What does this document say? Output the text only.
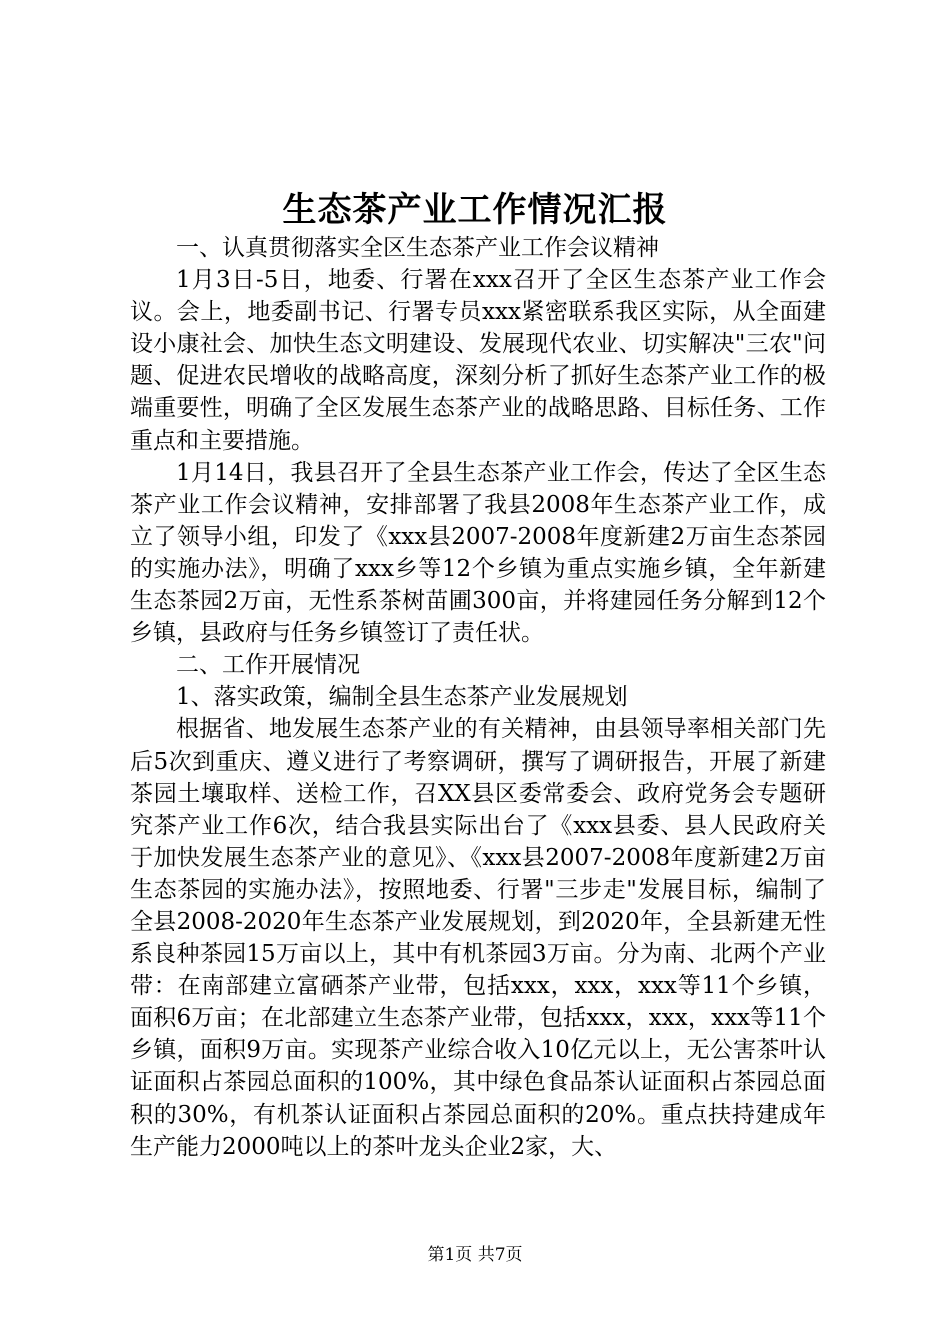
生态茶产业工作情况汇报

一、认真贯彻落实全区生态茶产业工作会议精神

1月3日-5日，地委、行署在xxx召开了全区生态茶产业工作会议。会上，地委副书记、行署专员xxx紧密联系我区实际，从全面建设小康社会、加快生态文明建设、发展现代农业、切实解决"三农"问题、促进农民增收的战略高度，深刻分析了抓好生态茶产业工作的极端重要性，明确了全区发展生态茶产业的战略思路、目标任务、工作重点和主要措施。

1月14日，我县召开了全县生态茶产业工作会，传达了全区生态茶产业工作会议精神，安排部署了我县2008年生态茶产业工作，成立了领导小组，印发了《xxx县2007-2008年度新建2万亩生态茶园的实施办法》，明确了xxx乡等12个乡镇为重点实施乡镇，全年新建生态茶园2万亩，无性系茶树苗圃300亩，并将建园任务分解到12个乡镇，县政府与任务乡镇签订了责任状。

二、工作开展情况

1、落实政策，编制全县生态茶产业发展规划

根据省、地发展生态茶产业的有关精神，由县领导率相关部门先后5次到重庆、遵义进行了考察调研，撰写了调研报告，开展了新建茶园土壤取样、送检工作，召XX县区委常委会、政府党务会专题研究茶产业工作6次，结合我县实际出台了《xxx县委、县人民政府关于加快发展生态茶产业的意见》、《xxx县2007-2008年度新建2万亩生态茶园的实施办法》，按照地委、行署"三步走"发展目标，编制了全县2008-2020年生态茶产业发展规划，到2020年，全县新建无性系良种茶园15万亩以上，其中有机茶园3万亩。分为南、北两个产业带：在南部建立富硒茶产业带，包括xxx，xxx，xxx等11个乡镇，面积6万亩；在北部建立生态茶产业带，包括xxx，xxx，xxx等11个乡镇，面积9万亩。实现茶产业综合收入10亿元以上，无公害茶叶认证面积占茶园总面积的100%，其中绿色食品茶认证面积占茶园总面积的30%，有机茶认证面积占茶园总面积的20%。重点扶持建成年生产能力2000吨以上的茶叶龙头企业2家，大、

第1页 共7页
